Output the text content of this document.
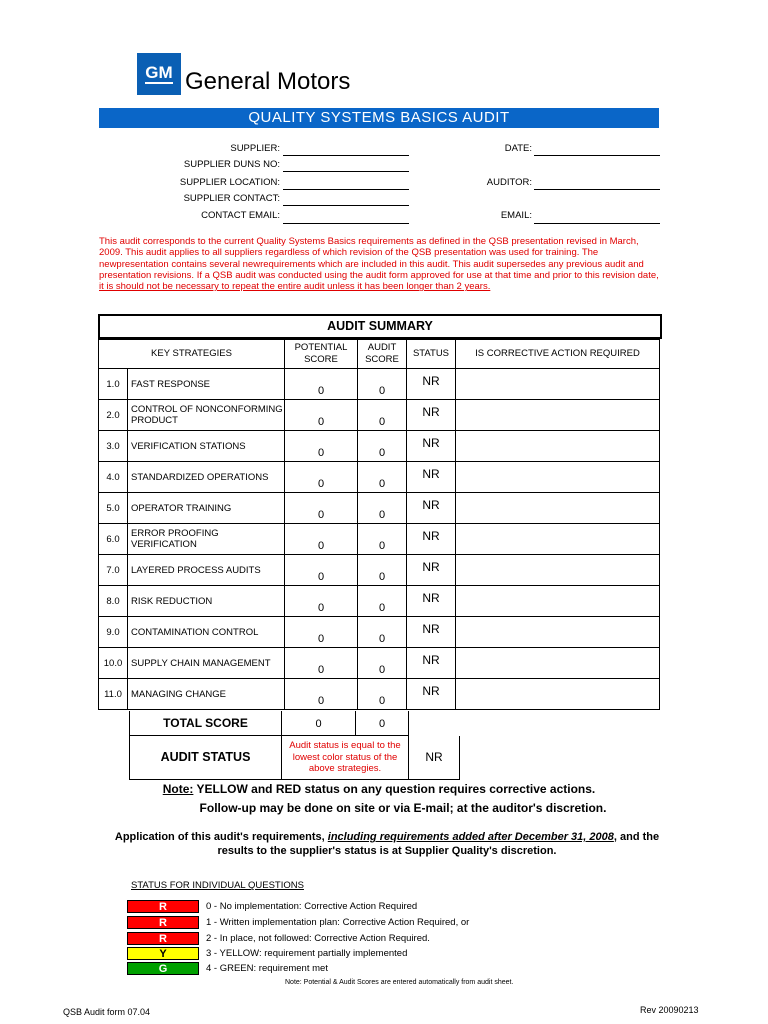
GM General Motors
QUALITY SYSTEMS BASICS AUDIT
SUPPLIER:
SUPPLIER DUNS NO:
SUPPLIER LOCATION:
SUPPLIER CONTACT:
CONTACT EMAIL:
DATE:
AUDITOR:
EMAIL:
This audit corresponds to the current Quality Systems Basics requirements as defined in the QSB presentation revised in March, 2009. This audit applies to all suppliers regardless of which revision of the QSB presentation was used for training. The newpresentation contains several newrequirements which are included in this audit. This audit supersedes any previous audit and presentation revisions. If a QSB audit was conducted using the audit form approved for use at that time and prior to this revision date, it is should not be necessary to repeat the entire audit unless it has been longer than 2 years.
AUDIT SUMMARY
KEY STRATEGIES		POTENTIAL SCORE	AUDIT SCORE	STATUS	IS CORRECTIVE ACTION REQUIRED
1.0	FAST RESPONSE	0	0	NR	
2.0	CONTROL OF NONCONFORMING PRODUCT	0	0	NR	
3.0	VERIFICATION STATIONS	0	0	NR	
4.0	STANDARDIZED OPERATIONS	0	0	NR	
5.0	OPERATOR TRAINING	0	0	NR	
6.0	ERROR PROOFING VERIFICATION	0	0	NR	
7.0	LAYERED PROCESS AUDITS	0	0	NR	
8.0	RISK REDUCTION	0	0	NR	
9.0	CONTAMINATION CONTROL	0	0	NR	
10.0	SUPPLY CHAIN MANAGEMENT	0	0	NR	
11.0	MANAGING CHANGE	0	0	NR	
TOTAL SCORE	0	0
AUDIT STATUS
Audit status is equal to the lowest color status of the above strategies.
NR
Note: YELLOW and RED status on any question requires corrective actions.
Follow-up may be done on site or via E-mail; at the auditor's discretion.
Application of this audit's requirements, including requirements added after December 31, 2008, and the results to the supplier's status is at Supplier Quality's discretion.
STATUS FOR INDIVIDUAL QUESTIONS
R	0 - No implementation: Corrective Action Required
R	1 - Written implementation plan: Corrective Action Required, or
R	2 - In place, not followed: Corrective Action Required.
Y	3 - YELLOW: requirement partially implemented
G	4 - GREEN: requirement met
Note: Potential & Audit Scores are entered automatically from audit sheet.
QSB Audit form 07.04	Rev 20090213
